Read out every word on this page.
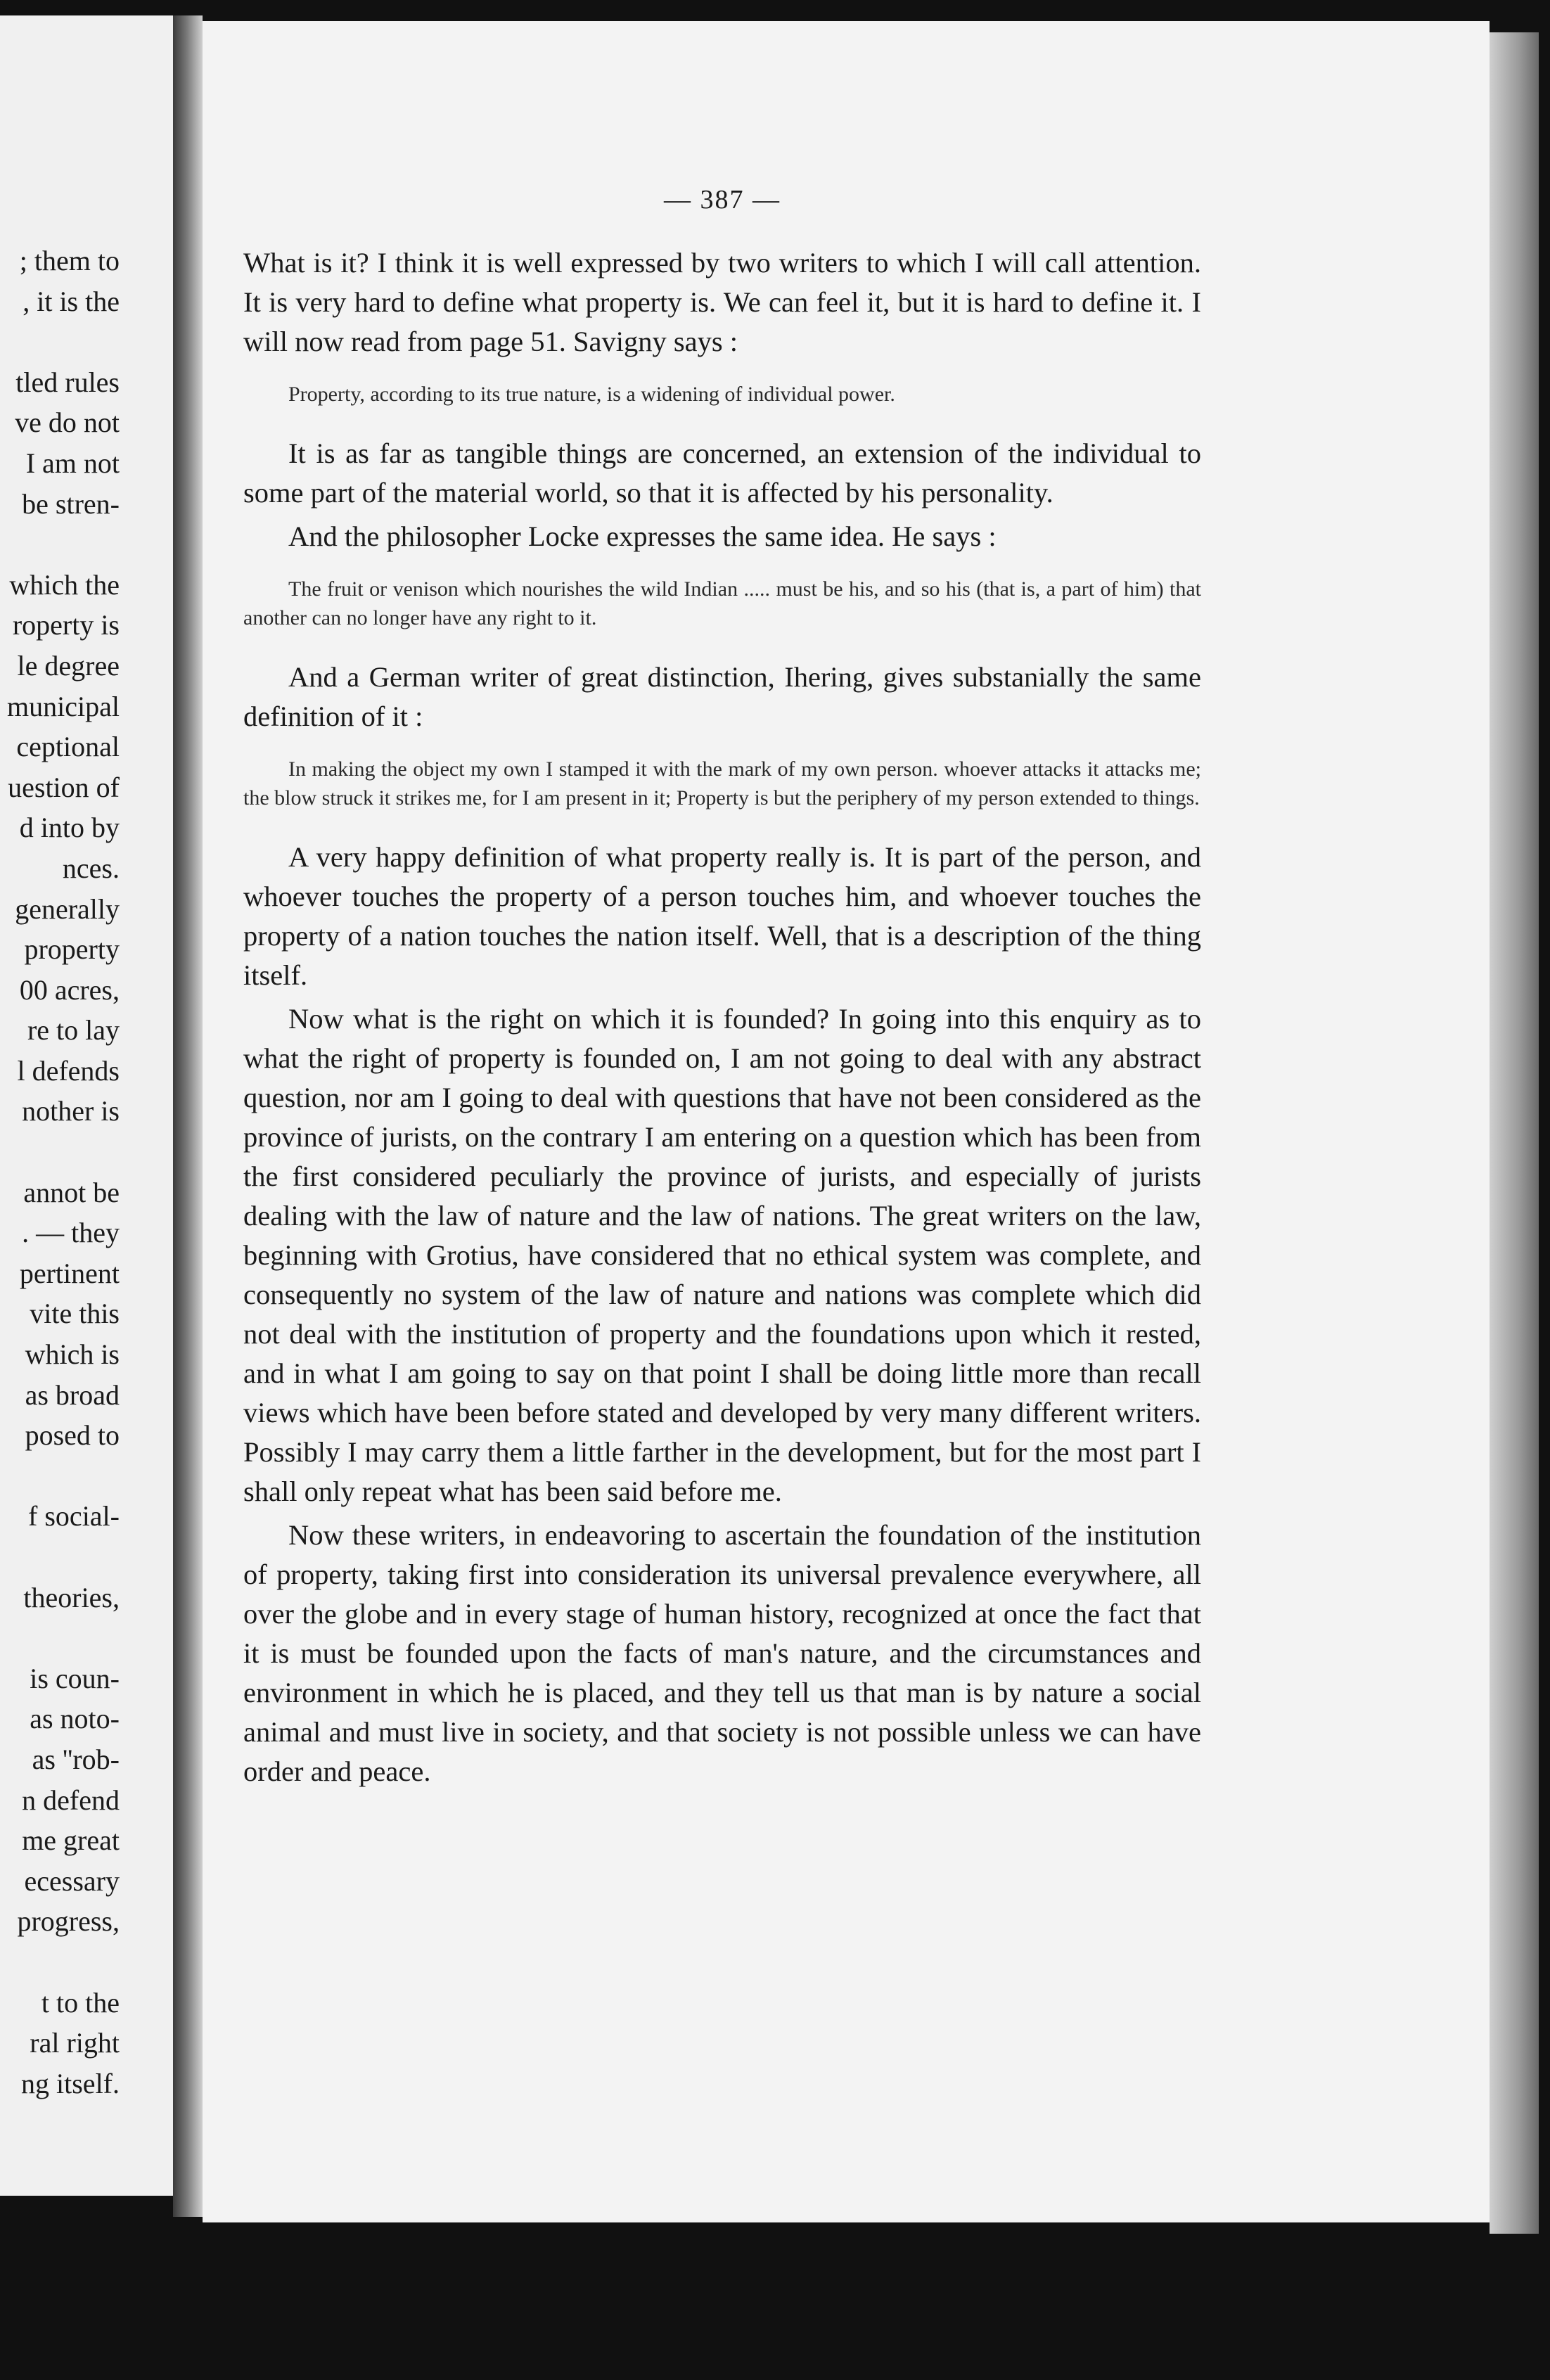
; them to
, it is the
tled rules
ve do not
I am not
be stren-
which the
roperty is
le degree
municipal
ceptional
uestion of
d into by
nces.
generally
property
00 acres,
re to lay
l defends
nother is
annot be
. — they
pertinent
vite this
which is
as broad
posed to
f social-
theories,
is coun-
as noto-
as ''rob-
n defend
me great
ecessary
progress,
t to the
ral right
ng itself.
— 387 —

What is it? I think it is well expressed by two writers to which I will call attention. It is very hard to define what property is. We can feel it, but it is hard to define it. I will now read from page 51. Savigny says :

Property, according to its true nature, is a widening of individual power.

It is as far as tangible things are concerned, an extension of the individual to some part of the material world, so that it is affected by his personality.

And the philosopher Locke expresses the same idea. He says :

The fruit or venison which nourishes the wild Indian ..... must be his, and so his (that is, a part of him) that another can no longer have any right to it.

And a German writer of great distinction, Ihering, gives substanially the same definition of it :

In making the object my own I stamped it with the mark of my own person. whoever attacks it attacks me; the blow struck it strikes me, for I am present in it; Property is but the periphery of my person extended to things.

A very happy definition of what property really is. It is part of the person, and whoever touches the property of a person touches him, and whoever touches the property of a nation touches the nation itself. Well, that is a description of the thing itself.

Now what is the right on which it is founded? In going into this enquiry as to what the right of property is founded on, I am not going to deal with any abstract question, nor am I going to deal with questions that have not been considered as the province of jurists, on the contrary I am entering on a question which has been from the first considered peculiarly the province of jurists, and especially of jurists dealing with the law of nature and the law of nations. The great writers on the law, beginning with Grotius, have considered that no ethical system was complete, and consequently no system of the law of nature and nations was complete which did not deal with the institution of property and the foundations upon which it rested, and in what I am going to say on that point I shall be doing little more than recall views which have been before stated and developed by very many different writers. Possibly I may carry them a little farther in the development, but for the most part I shall only repeat what has been said before me.

Now these writers, in endeavoring to ascertain the foundation of the institution of property, taking first into consideration its universal prevalence everywhere, all over the globe and in every stage of human history, recognized at once the fact that it is must be founded upon the facts of man's nature, and the circumstances and environment in which he is placed, and they tell us that man is by nature a social animal and must live in society, and that society is not possible unless we can have order and peace.
